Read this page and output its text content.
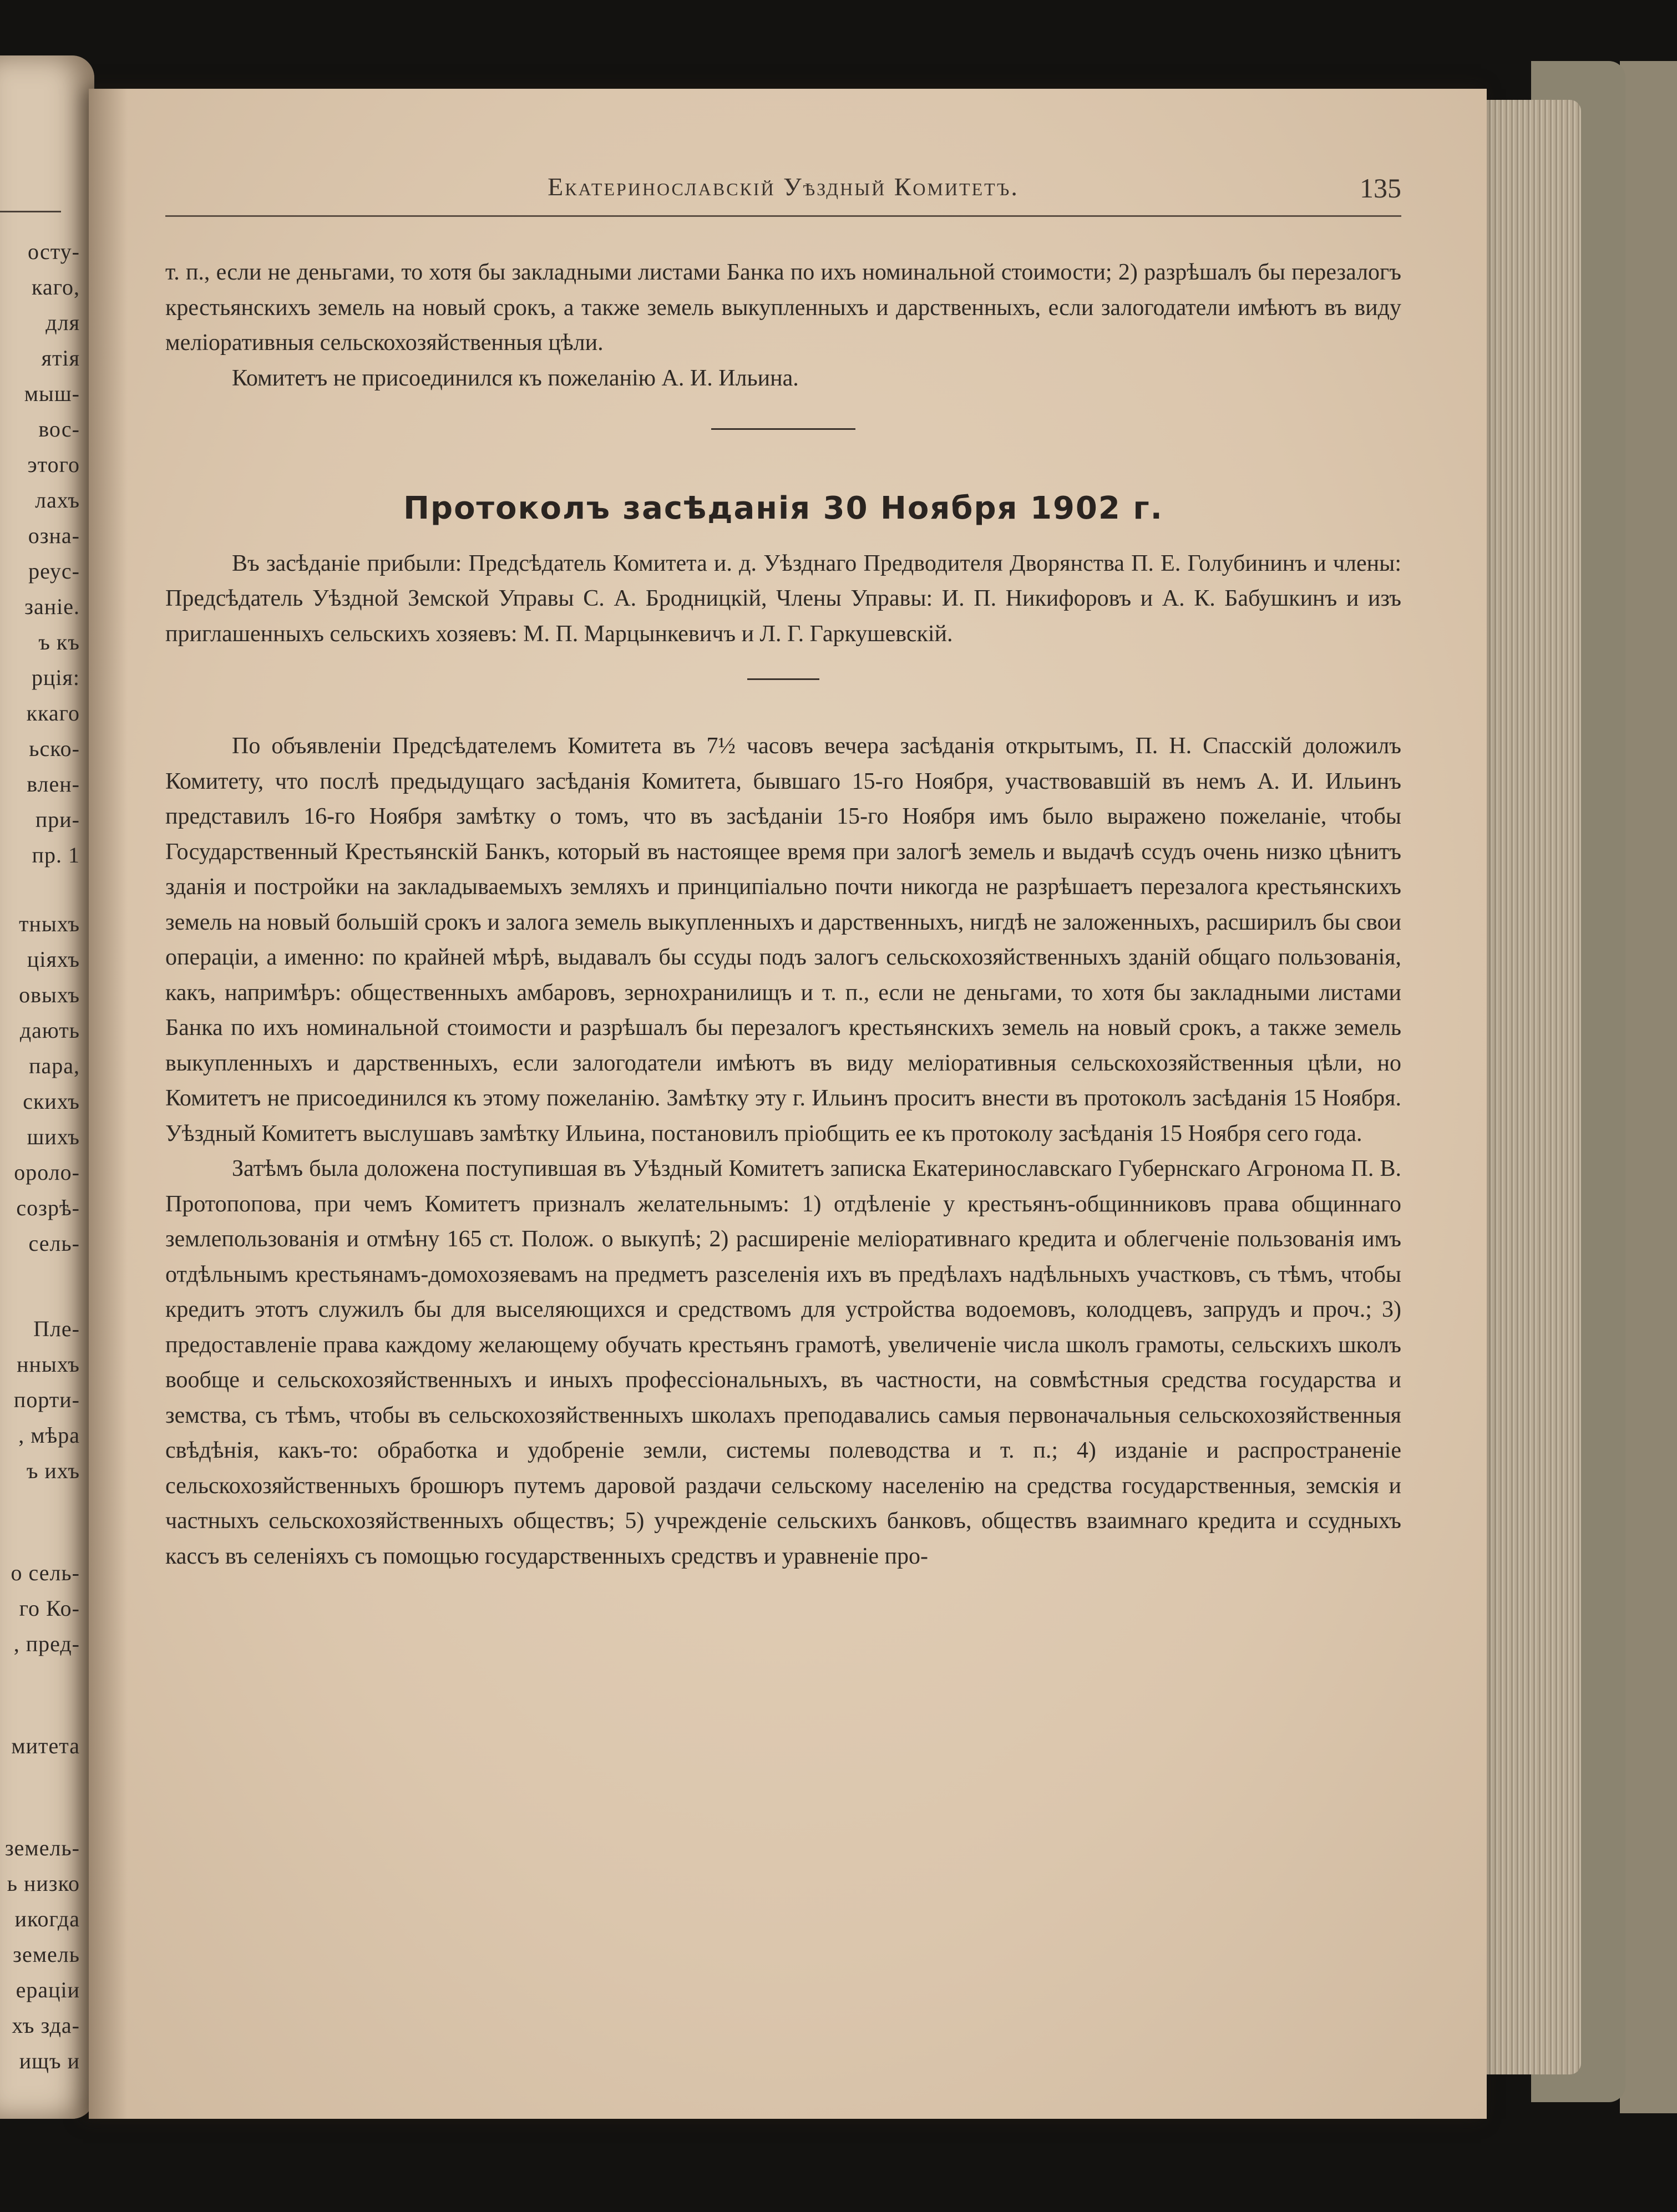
осту-
каго,
для
ятія
мыш-
вос-
этого
лахъ
озна-
реус-
заніе.
ъ къ
рція:
ккаго
ьско-
влен-
при-
пр. 1
тныхъ
ціяхъ
овыхъ
дають
пара,
скихъ
шихъ
ороло-
созрѣ-
сель-
Пле-
нныхъ
порти-
, мѣра
ъ ихъ
о сель-
го Ко-
, пред-
митета
земель-
ь низко
икогда
земель
ераціи
хъ зда-
ищъ и
Екатеринославскій Уѣздный Комитетъ.	135

т. п., если не деньгами, то хотя бы закладными листами Банка по ихъ номинальной стоимости; 2) разрѣшалъ бы перезалогъ крестьянскихъ земель на новый срокъ, а также земель выкупленныхъ и дарственныхъ, если залогодатели имѣютъ въ виду меліоративныя сельскохозяйственныя цѣли.

Комитетъ не присоединился къ пожеланію А. И. Ильина.

Протоколъ засѣданія 30 Ноября 1902 г.

Въ засѣданіе прибыли: Предсѣдатель Комитета и. д. Уѣзднаго Предводителя Дворянства П. Е. Голубининъ и члены: Предсѣдатель Уѣздной Земской Управы С. А. Бродницкій, Члены Управы: И. П. Никифоровъ и А. К. Бабушкинъ и изъ приглашенныхъ сельскихъ хозяевъ: М. П. Марцынкевичъ и Л. Г. Гаркушевскій.

По объявленіи Предсѣдателемъ Комитета въ 7½ часовъ вечера засѣданія открытымъ, П. Н. Спасскій доложилъ Комитету, что послѣ предыдущаго засѣданія Комитета, бывшаго 15-го Ноября, участвовавшій въ немъ А. И. Ильинъ представилъ 16-го Ноября замѣтку о томъ, что въ засѣданіи 15-го Ноября имъ было выражено пожеланіе, чтобы Государственный Крестьянскій Банкъ, который въ настоящее время при залогѣ земель и выдачѣ ссудъ очень низко цѣнитъ зданія и постройки на закладываемыхъ земляхъ и принципіально почти никогда не разрѣшаетъ перезалога крестьянскихъ земель на новый большій срокъ и залога земель выкупленныхъ и дарственныхъ, нигдѣ не заложенныхъ, расширилъ бы свои операціи, а именно: по крайней мѣрѣ, выдавалъ бы ссуды подъ залогъ сельскохозяйственныхъ зданій общаго пользованія, какъ, напримѣръ: общественныхъ амбаровъ, зернохранилищъ и т. п., если не деньгами, то хотя бы закладными листами Банка по ихъ номинальной стоимости и разрѣшалъ бы перезалогъ крестьянскихъ земель на новый срокъ, а также земель выкупленныхъ и дарственныхъ, если залогодатели имѣютъ въ виду меліоративныя сельскохозяйственныя цѣли, но Комитетъ не присоединился къ этому пожеланію. Замѣтку эту г. Ильинъ проситъ внести въ протоколъ засѣданія 15 Ноября. Уѣздный Комитетъ выслушавъ замѣтку Ильина, постановилъ пріобщить ее къ протоколу засѣданія 15 Ноября сего года.

Затѣмъ была доложена поступившая въ Уѣздный Комитетъ записка Екатеринославскаго Губернскаго Агронома П. В. Протопопова, при чемъ Комитетъ призналъ желательнымъ: 1) отдѣленіе у крестьянъ-общинниковъ права общиннаго землепользованія и отмѣну 165 ст. Полож. о выкупѣ; 2) расширеніе меліоративнаго кредита и облегченіе пользованія имъ отдѣльнымъ крестьянамъ-домохозяевамъ на предметъ разселенія ихъ въ предѣлахъ надѣльныхъ участковъ, съ тѣмъ, чтобы кредитъ этотъ служилъ бы для выселяющихся и средствомъ для устройства водоемовъ, колодцевъ, запрудъ и проч.; 3) предоставленіе права каждому желающему обучать крестьянъ грамотѣ, увеличеніе числа школъ грамоты, сельскихъ школъ вообще и сельскохозяйственныхъ и иныхъ профессіональныхъ, въ частности, на совмѣстныя средства государства и земства, съ тѣмъ, чтобы въ сельскохозяйственныхъ школахъ преподавались самыя первоначальныя сельскохозяйственныя свѣдѣнія, какъ-то: обработка и удобреніе земли, системы полеводства и т. п.; 4) изданіе и распространеніе сельскохозяйственныхъ брошюръ путемъ даровой раздачи сельскому населенію на средства государственныя, земскія и частныхъ сельскохозяйственныхъ обществъ; 5) учрежденіе сельскихъ банковъ, обществъ взаимнаго кредита и ссудныхъ кассъ въ селеніяхъ съ помощью государственныхъ средствъ и уравненіе про-
